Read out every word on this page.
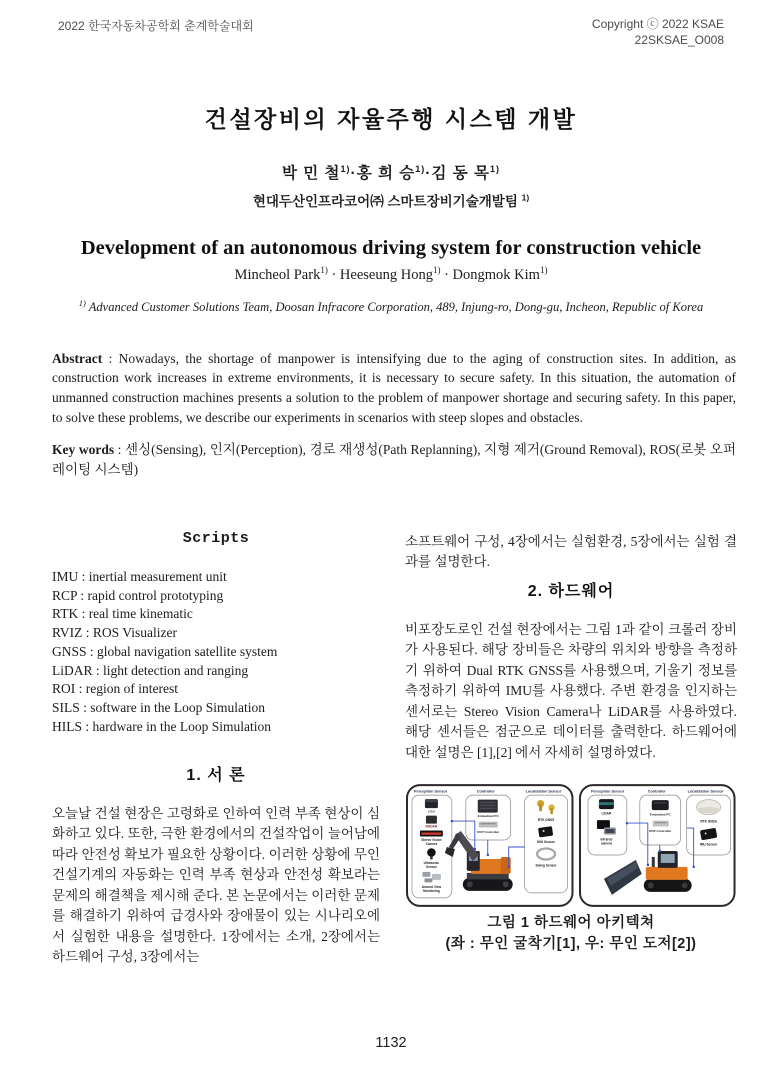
2022 한국자동차공학회 춘계학술대회	Copyright ⓒ 2022 KSAE
22SKSAE_O008
건설장비의 자율주행 시스템 개발
박 민 철$^{1)}$·홍 희 승$^{1)}$·김 동 목$^{1)}$
현대두산인프라코어㈜ 스마트장비기술개발팀 $^{1)}$
Development of an autonomous driving system for construction vehicle
Mincheol Park$^{1)}$ · Heeseung Hong$^{1)}$ · Dongmok Kim$^{1)}$
$^{1)}$ Advanced Customer Solutions Team, Doosan Infracore Corporation, 489, Injung-ro, Dong-gu, Incheon, Republic of Korea
Abstract : Nowadays, the shortage of manpower is intensifying due to the aging of construction sites. In addition, as construction work increases in extreme environments, it is necessary to secure safety. In this situation, the automation of unmanned construction machines presents a solution to the problem of manpower shortage and securing safety. In this paper, to solve these problems, we describe our experiments in scenarios with steep slopes and obstacles.
Key words : 센싱(Sensing), 인지(Perception), 경로 재생성(Path Replanning), 지형 제거(Ground Removal), ROS(로봇 오퍼레이팅 시스템)
Scripts
IMU : inertial measurement unit
RCP : rapid control prototyping
RTK : real time kinematic
RVIZ : ROS Visualizer
GNSS : global navigation satellite system
LiDAR : light detection and ranging
ROI : region of interest
SILS : software in the Loop Simulation
HILS : hardware in the Loop Simulation
1. 서 론
오늘날 건설 현장은 고령화로 인하여 인력 부족 현상이 심화하고 있다. 또한, 극한 환경에서의 건설작업이 늘어남에 따라 안전성 확보가 필요한 상황이다. 이러한 상황에 무인 건설기계의 자동화는 인력 부족 현상과 안전성 확보라는 문제의 해결책을 제시해 준다. 본 논문에서는 이러한 문제를 해결하기 위하여 급경사와 장애물이 있는 시나리오에서 실험한 내용을 설명한다. 1장에서는 소개, 2장에서는 하드웨어 구성, 3장에서는
소프트웨어 구성, 4장에서는 실험환경, 5장에서는 실험 결과를 설명한다.
2. 하드웨어
비포장도로인 건설 현장에서는 그림 1과 같이 크롤러 장비가 사용된다. 해당 장비들은 차량의 위치와 방향을 측정하기 위하여 Dual RTK GNSS를 사용했으며, 기울기 정보를 측정하기 위하여 IMU를 사용했다. 주변 환경을 인지하는 센서로는 Stereo Vision Camera나 LiDAR를 사용하였다. 해당 센서들은 점군으로 데이터를 출력한다. 하드웨어에 대한 설명은 [1],[2] 에서 자세히 설명하였다.
Perception Sensor	Controller	Localization Sensor
Lidar
RADAR
Stereo Vision
Camera
Ultrasonic
Sensor
Around View
Monitoring
Embedded PC
RCP Controller
RTK GNSS
IMU Sensor
Swing Sensor
Perception Sensor	Controller	Localization Sensor
LiDAR
Infrared
camera
Embedded PC
RCP Controller
RTK GNSS
IMU Sensor
그림 1 하드웨어 아키텍쳐
(좌 : 무인 굴착기[1], 우: 무인 도저[2])
1132
